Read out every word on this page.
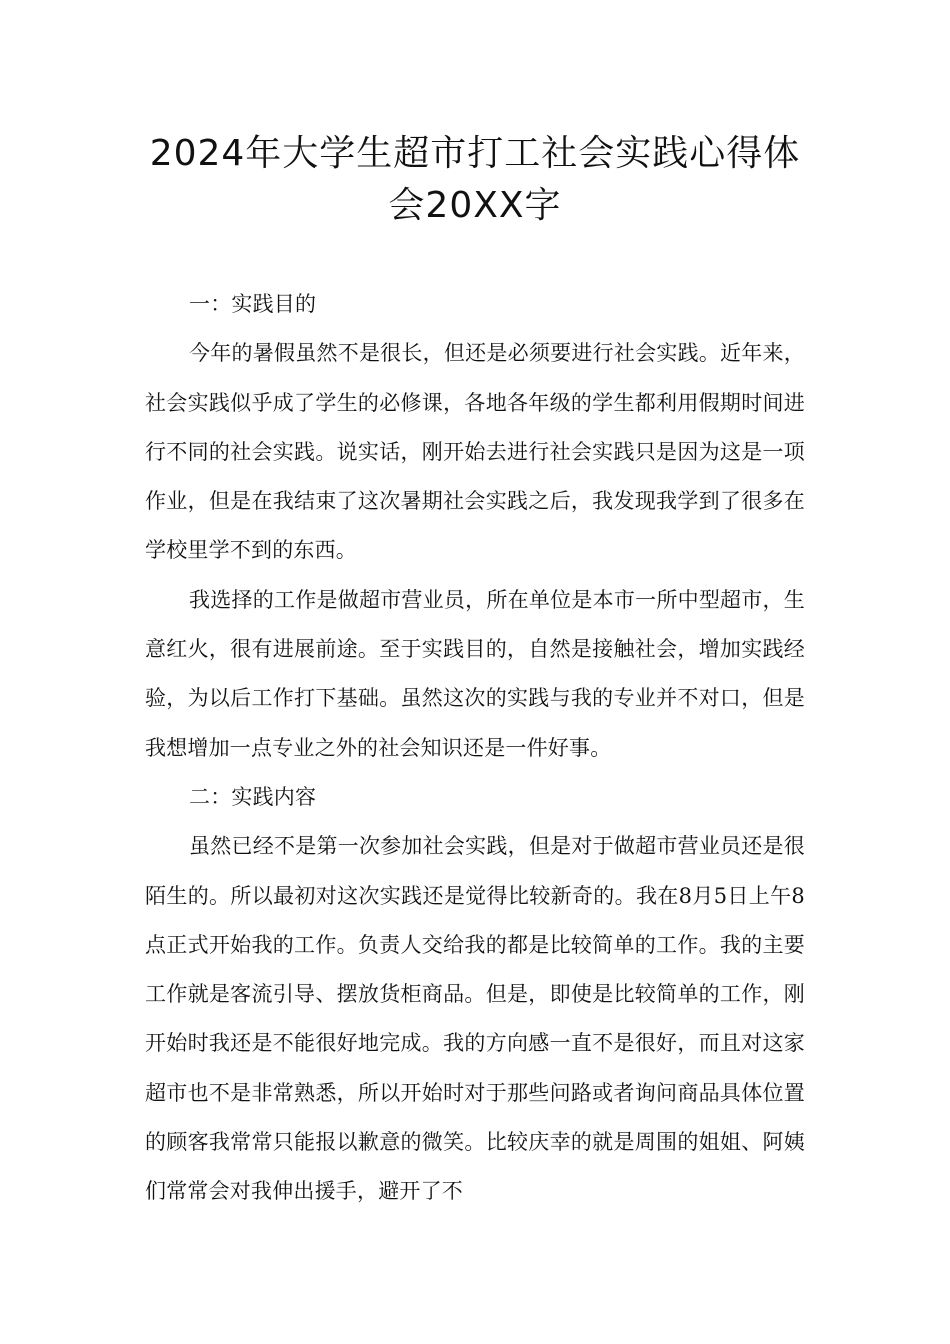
2024年大学生超市打工社会实践心得体
会20XX字

一：实践目的

今年的暑假虽然不是很长，但还是必须要进行社会实践。近年来，社会实践似乎成了学生的必修课，各地各年级的学生都利用假期时间进行不同的社会实践。说实话，刚开始去进行社会实践只是因为这是一项作业，但是在我结束了这次暑期社会实践之后，我发现我学到了很多在学校里学不到的东西。

我选择的工作是做超市营业员，所在单位是本市一所中型超市，生意红火，很有进展前途。至于实践目的，自然是接触社会，增加实践经验，为以后工作打下基础。虽然这次的实践与我的专业并不对口，但是我想增加一点专业之外的社会知识还是一件好事。

二：实践内容

虽然已经不是第一次参加社会实践，但是对于做超市营业员还是很陌生的。所以最初对这次实践还是觉得比较新奇的。我在8月5日上午8点正式开始我的工作。负责人交给我的都是比较简单的工作。我的主要工作就是客流引导、摆放货柜商品。但是，即使是比较简单的工作，刚开始时我还是不能很好地完成。我的方向感一直不是很好，而且对这家超市也不是非常熟悉，所以开始时对于那些问路或者询问商品具体位置的顾客我常常只能报以歉意的微笑。比较庆幸的就是周围的姐姐、阿姨们常常会对我伸出援手，避开了不
